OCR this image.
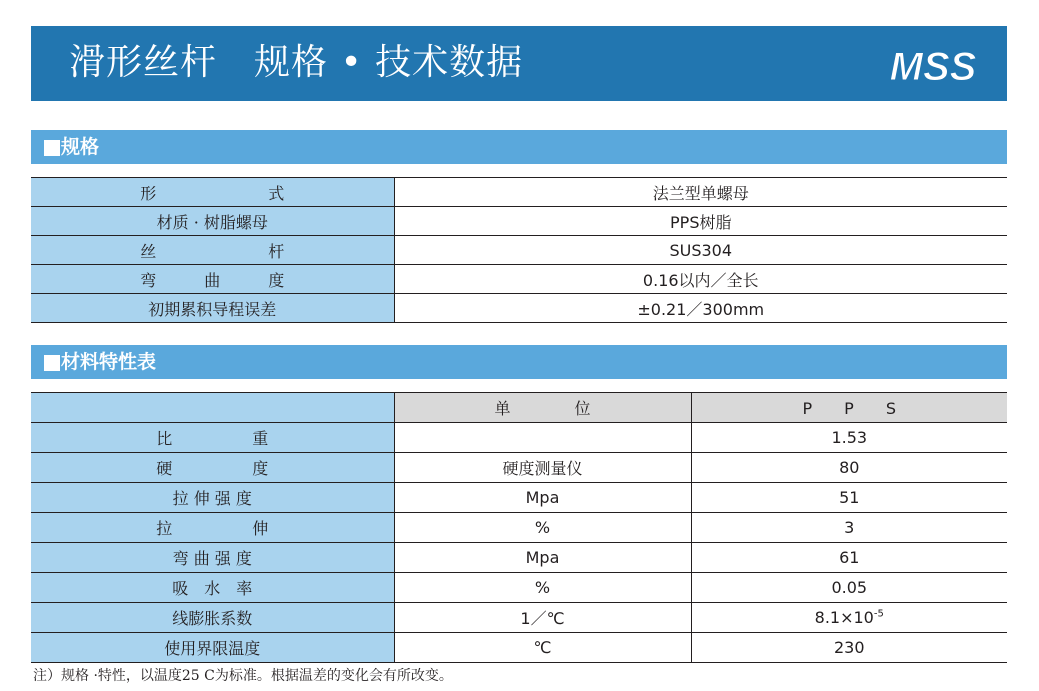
滑形丝杆　规格 • 技术数据	MSS
规格
形　　　　　　　式	法兰型单螺母
材质 · 树脂螺母	PPS树脂
丝　　　　　　　杆	SUS304
弯　　　曲　　　度	0.16以内／全长
初期累积导程误差	±0.21／300mm
材料特性表
	单　　　　位	P　　P　　S
比　　　　　重		1.53
硬　　　　　度	硬度测量仪	80
拉 伸 强 度	Mpa	51
拉　　　　　伸	%	3
弯 曲 强 度	Mpa	61
吸　水　率	%	0.05
线膨胀系数	1／℃	$8.1\times 10^{-5}$
使用界限温度	℃	230
注）规格 ·特性，以温度25 C为标准。根据温差的变化会有所改变。
